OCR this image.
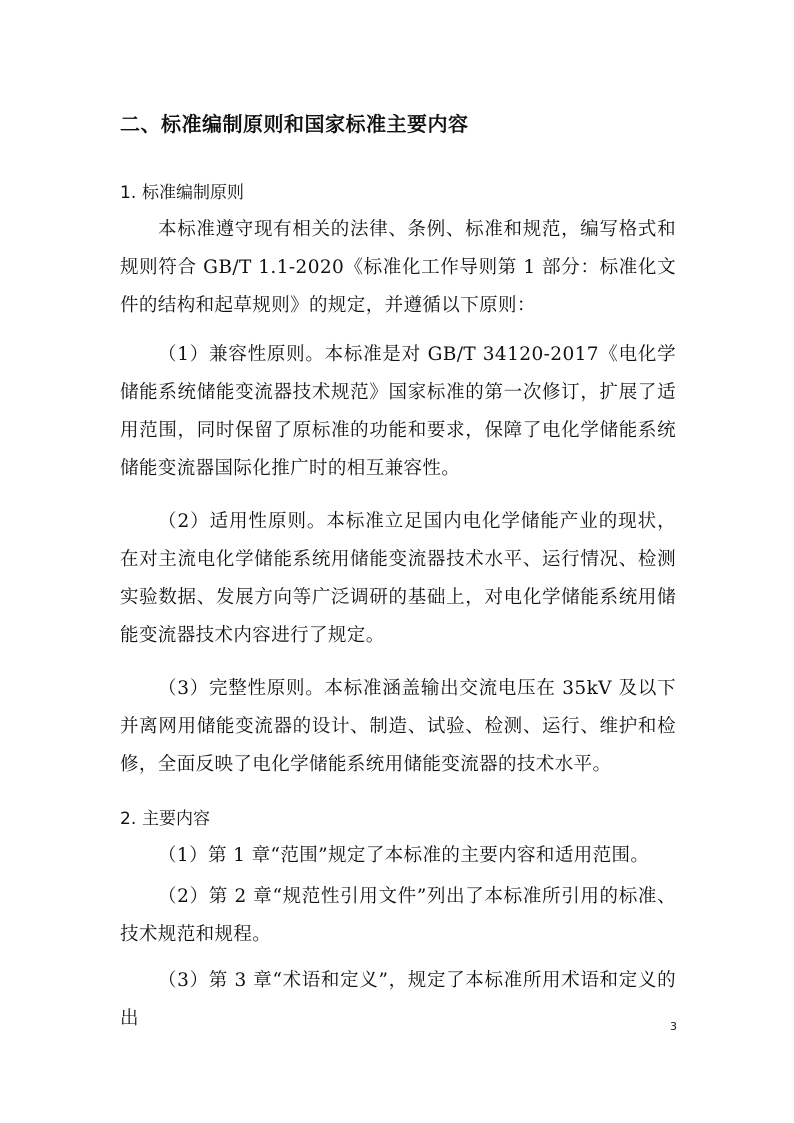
二、标准编制原则和国家标准主要内容
1. 标准编制原则

本标准遵守现有相关的法律、条例、标准和规范，编写格式和规则符合 GB/T 1.1-2020《标准化工作导则第 1 部分：标准化文件的结构和起草规则》的规定，并遵循以下原则：

（1）兼容性原则。本标准是对 GB/T 34120-2017《电化学储能系统储能变流器技术规范》国家标准的第一次修订，扩展了适用范围，同时保留了原标准的功能和要求，保障了电化学储能系统储能变流器国际化推广时的相互兼容性。

（2）适用性原则。本标准立足国内电化学储能产业的现状，在对主流电化学储能系统用储能变流器技术水平、运行情况、检测实验数据、发展方向等广泛调研的基础上，对电化学储能系统用储能变流器技术内容进行了规定。

（3）完整性原则。本标准涵盖输出交流电压在 35kV 及以下并离网用储能变流器的设计、制造、试验、检测、运行、维护和检修，全面反映了电化学储能系统用储能变流器的技术水平。

2. 主要内容

（1）第 1 章“范围”规定了本标准的主要内容和适用范围。

（2）第 2 章“规范性引用文件”列出了本标准所引用的标准、技术规范和规程。

（3）第 3 章“术语和定义”，规定了本标准所用术语和定义的出	3
